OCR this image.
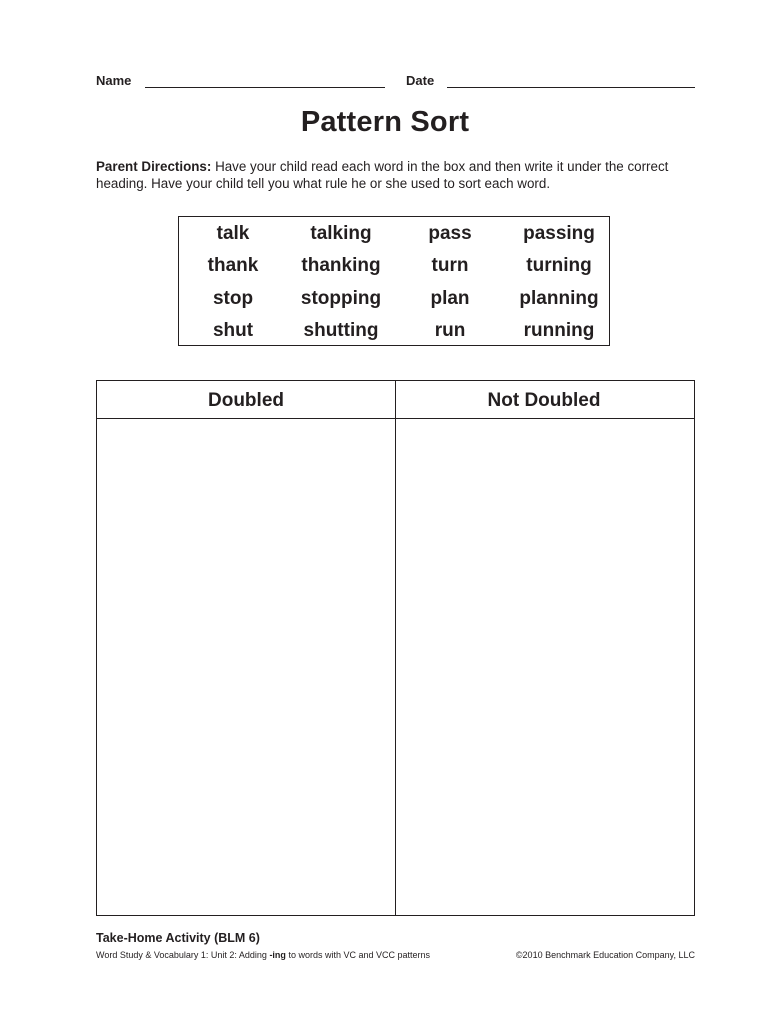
Name	Date
Pattern Sort
Parent Directions: Have your child read each word in the box and then write it under the correct heading. Have your child tell you what rule he or she used to sort each word.
talk	talking	pass	passing
thank	thanking	turn	turning
stop	stopping	plan	planning
shut	shutting	run	running
Doubled	Not Doubled
Take-Home Activity (BLM 6)
Word Study & Vocabulary 1: Unit 2: Adding -ing to words with VC and VCC patterns	©2010 Benchmark Education Company, LLC
